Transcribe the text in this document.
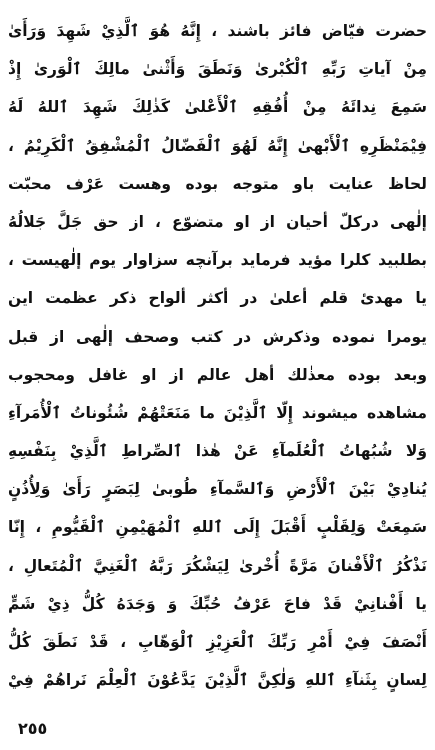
حضرت فيّاض فائز باشند ، إِنَّهُ هُوَ ٱلَّذِيْ شَهِدَ وَرَأَىٰ
مِنْ آياتِ رَبِّهِ ٱلْكُبْرىٰ وَنَطَقَ وَأَثْنىٰ مالِكَ ٱلْوَرىٰ إِذْ
سَمِعَ نِدائَهُ مِنْ أُفُقِهِ ٱلْأَعْلىٰ كَذٰلِكَ شَهِدَ ٱللهُ لَهُ
فِيْمَنْظَرِهِ ٱلْأَبْهىٰ إِنَّهُ لَهُوَ ٱلْفَضّالُ ٱلْمُشْفِقُ ٱلْكَرِيْمُ ،
لحاظ عنايت باو متوجه بوده وهست عَرْف محبّت
إلٰهى دركلّ أحيان از او متضوّع ، از حق جَلَّ جَلالُهُ
بطلبيد كلرا مؤيد فرمايد برآنچه سزاوار يوم إلٰهيست ،
يا مهدئ قلم أعلىٰ در أكثر ألواح ذكر عظمت اين
يومرا نموده وذكرش در كتب وصحف إلٰهى از قبل
وبعد بوده معذٰلك أهل عالم از او غافل ومحجوب
مشاهده ميشوند إِلّا ٱلَّذِيْنَ ما مَنَعَتْهُمْ شُئُوناتُ ٱلْأُمَرآءِ
وَلا شُبُهاتُ ٱلْعُلَمآءِ عَنْ هٰذا ٱلصِّراطِ ٱلَّذِيْ بِنَفْسِهِ
يُنادِيْ بَيْنَ ٱلْأَرْضِ وَٱلسَّمآءِ طُوبىٰ لِبَصَرٍ رَأَىٰ وَلِأُذُنٍ
سَمِعَتْ وَلِقَلْبٍ أَقْبَلَ إِلَى ٱللهِ ٱلْمُهَيْمِنِ ٱلْقَيُّومِ ، إِنّا
نَذْكُرُ ٱلْأَفْنانَ مَرَّةً أُخْرىٰ لِيَشْكُرَ رَبَّهُ ٱلْغَنِيَّ ٱلْمُتَعالِ ،
يا أَفْنانِيْ قَدْ فاحَ عَرْفُ حُبِّكَ وَ وَجَدَهُ كُلُّ ذِيْ شَمٍّ
أَنْصَفَ فِيْ أَمْرِ رَبِّكَ ٱلْعَزِيْزِ ٱلْوَهّابِ ، قَدْ نَطَقَ كُلُّ
لِسانٍ بِثَنآءِ ٱللهِ وَلٰكِنَّ ٱلَّذِيْنَ يَدَّعُوْنَ ٱلْعِلْمَ نَراهُمْ فِيْ
٢٥٥
